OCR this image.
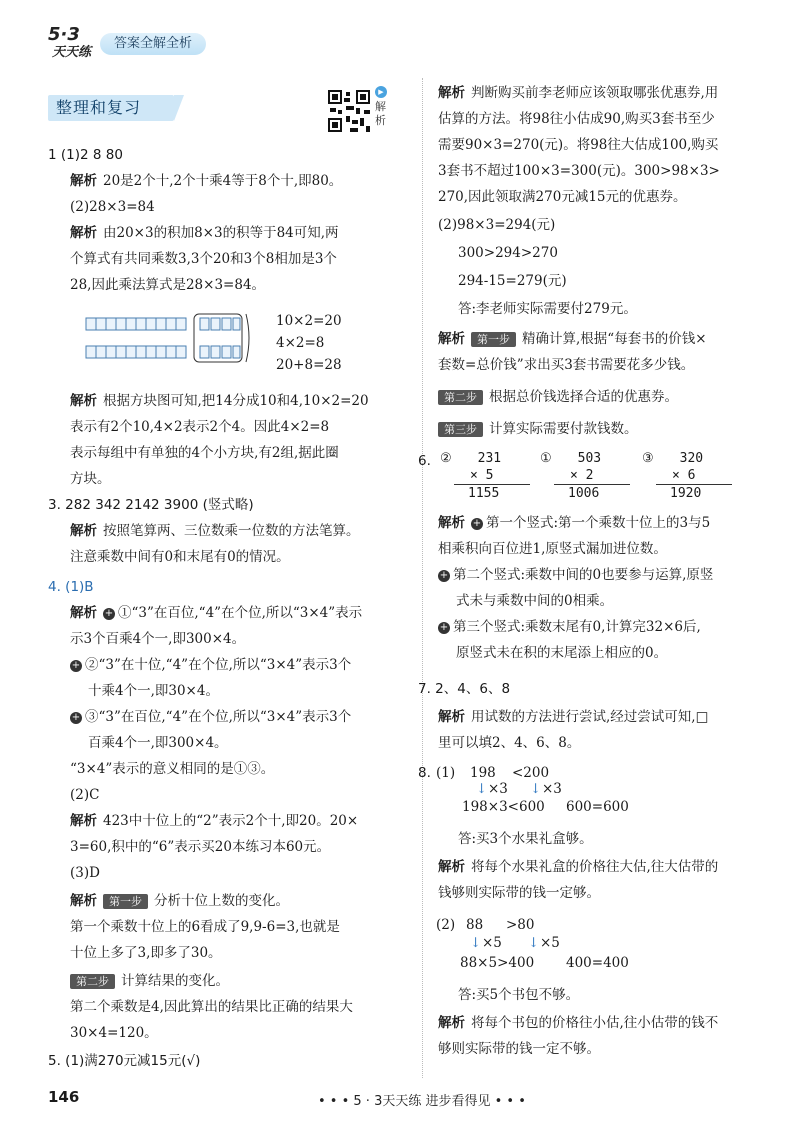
5·3
天天练
答案全解全析
整理和复习
▶
解析
1 (1)2 8 80
解析 20是2个十,2个十乘4等于8个十,即80。
(2)28×3=84
解析 由20×3的积加8×3的积等于84可知,两
个算式有共同乘数3,3个20和3个8相加是3个
28,因此乘法算式是28×3=84。
10×2=20
4×2=8
20+8=28
解析 根据方块图可知,把14分成10和4,10×2=20
表示有2个10,4×2表示2个4。因此4×2=8
表示每组中有单独的4个小方块,有2组,据此圈
方块。
3. 282 342 2142 3900 (竖式略)
解析 按照笔算两、三位数乘一位数的方法笔算。
注意乘数中间有0和末尾有0的情况。
4. (1)B
解析 + ①“3”在百位,“4”在个位,所以“3×4”表示
示3个百乘4个一,即300×4。
+ ②“3”在十位,“4”在个位,所以“3×4”表示3个
十乘4个一,即30×4。
+ ③“3”在百位,“4”在个位,所以“3×4”表示3个
百乘4个一,即300×4。
“3×4”表示的意义相同的是①③。
(2)C
解析 423中十位上的“2”表示2个十,即20。20×
3=60,积中的“6”表示买20本练习本60元。
(3)D
解析 第一步 分析十位上数的变化。
第一个乘数十位上的6看成了9,9-6=3,也就是
十位上多了3,即多了30。
第二步 计算结果的变化。
第二个乘数是4,因此算出的结果比正确的结果大
30×4=120。
5. (1)满270元减15元(√)
解析 判断购买前李老师应该领取哪张优惠券,用
估算的方法。将98往小估成90,购买3套书至少
需要90×3=270(元)。将98往大估成100,购买
3套书不超过100×3=300(元)。300>98×3>
270,因此领取满270元减15元的优惠券。
(2)98×3=294(元)
300>294>270
294-15=279(元)
答:李老师实际需要付279元。
解析 第一步 精确计算,根据“每套书的价钱×
套数=总价钱”求出买3套书需要花多少钱。
第二步 根据总价钱选择合适的优惠券。
第三步 计算实际需要付款钱数。
6. ② 231
× 5
1155
① 503
× 2
1006
③ 320
× 6
1920
解析 + 第一个竖式:第一个乘数十位上的3与5
相乘积向百位进1,原竖式漏加进位数。
+ 第二个竖式:乘数中间的0也要参与运算,原竖
式未与乘数中间的0相乘。
+ 第三个竖式:乘数末尾有0,计算完32×6后,
原竖式未在积的末尾添上相应的0。
7. 2、4、6、8
解析 用试数的方法进行尝试,经过尝试可知,□
里可以填2、4、6、8。
8. (1) 198 <200
↓ ×3 ↓ ×3
198×3<600 600=600
答:买3个水果礼盒够。
解析 将每个水果礼盒的价格往大估,往大估带的
钱够则实际带的钱一定够。
(2) 88 >80
↓ ×5 ↓ ×5
88×5>400 400=400
答:买5个书包不够。
解析 将每个书包的价格往小估,往小估带的钱不
够则实际带的钱一定不够。
146	• • • 5 · 3天天练 进步看得见 • • •
